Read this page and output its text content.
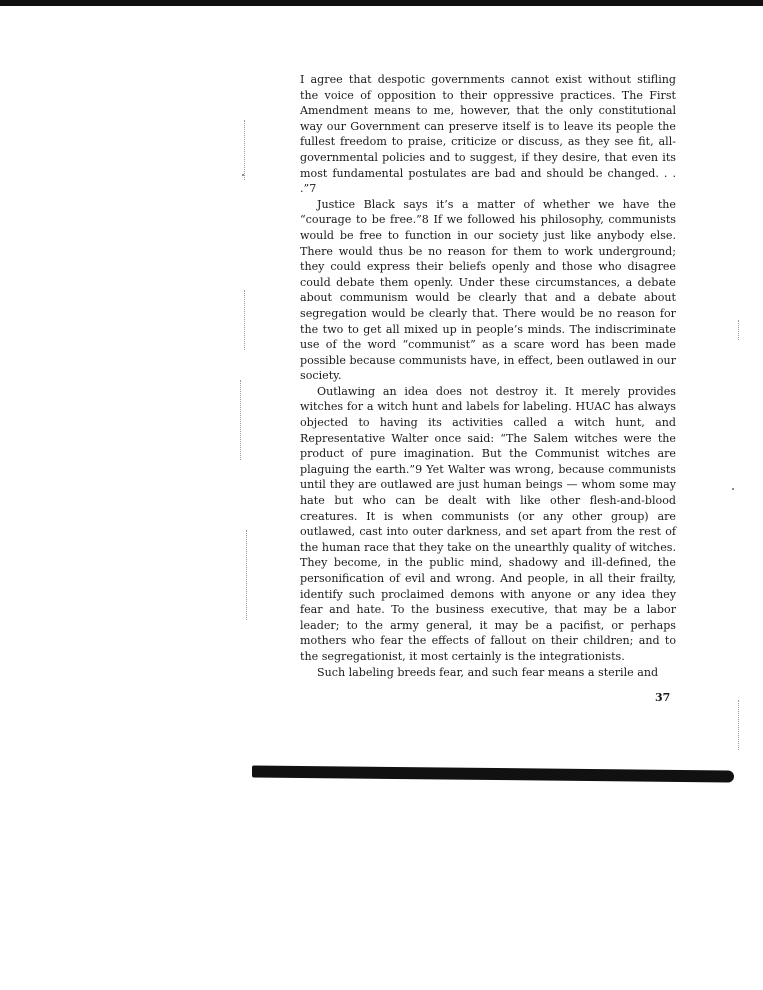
I agree that despotic governments cannot exist without stifling the voice of opposition to their oppressive practices. The First Amendment means to me, however, that the only constitutional way our Government can preserve itself is to leave its people the fullest freedom to praise, criticize or discuss, as they see fit, all-governmental policies and to suggest, if they desire, that even its most fundamental postulates are bad and should be changed. . . .”7

Justice Black says it’s a matter of whether we have the “courage to be free.”8 If we followed his philosophy, communists would be free to function in our society just like anybody else. There would thus be no reason for them to work underground; they could express their beliefs openly and those who disagree could debate them openly. Under these circumstances, a debate about communism would be clearly that and a debate about segregation would be clearly that. There would be no reason for the two to get all mixed up in people’s minds. The indiscriminate use of the word “communist” as a scare word has been made possible because communists have, in effect, been outlawed in our society.

Outlawing an idea does not destroy it. It merely provides witches for a witch hunt and labels for labeling. HUAC has always objected to having its activities called a witch hunt, and Representative Walter once said: “The Salem witches were the product of pure imagination. But the Communist witches are plaguing the earth.”9 Yet Walter was wrong, because communists until they are outlawed are just human beings — whom some may hate but who can be dealt with like other flesh-and-blood creatures. It is when communists (or any other group) are outlawed, cast into outer darkness, and set apart from the rest of the human race that they take on the unearthly quality of witches. They become, in the public mind, shadowy and ill-defined, the personification of evil and wrong. And people, in all their frailty, identify such proclaimed demons with anyone or any idea they fear and hate. To the business executive, that may be a labor leader; to the army general, it may be a pacifist, or perhaps mothers who fear the effects of fallout on their children; and to the segregationist, it most certainly is the integrationists.

Such labeling breeds fear, and such fear means a sterile and

37
